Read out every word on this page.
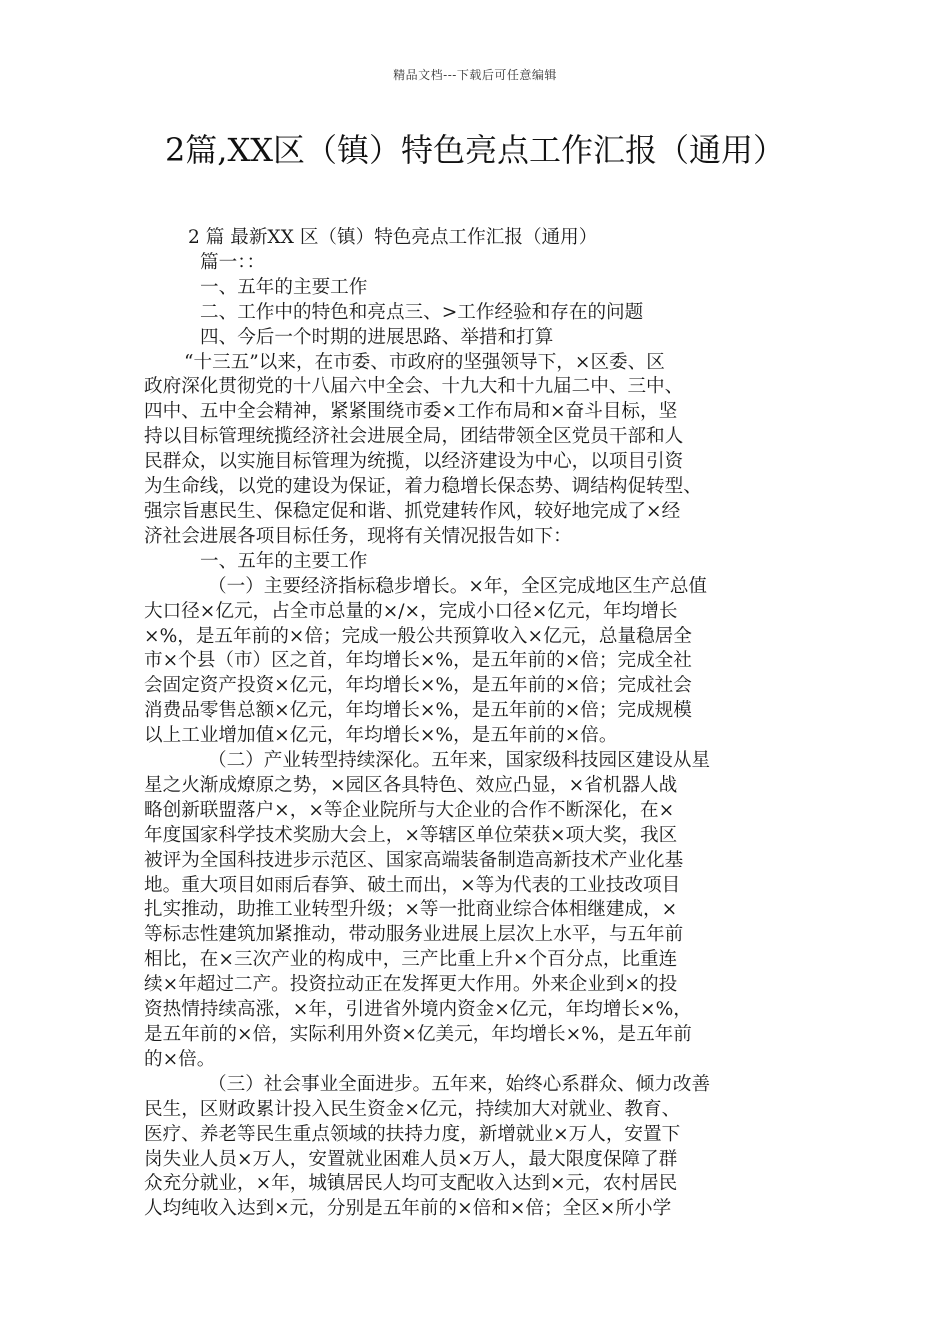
精品文档---下载后可任意编辑
2篇,XX区（镇）特色亮点工作汇报（通用）
2 篇 最新XX 区（镇）特色亮点工作汇报（通用）
篇一：：
一、五年的主要工作
二、工作中的特色和亮点三、>工作经验和存在的问题
四、今后一个时期的进展思路、举措和打算
“十三五”以来，在市委、市政府的坚强领导下，×区委、区
政府深化贯彻党的十八届六中全会、十九大和十九届二中、三中、
四中、五中全会精神，紧紧围绕市委×工作布局和×奋斗目标，坚
持以目标管理统揽经济社会进展全局，团结带领全区党员干部和人
民群众，以实施目标管理为统揽，以经济建设为中心，以项目引资
为生命线，以党的建设为保证，着力稳增长保态势、调结构促转型、
强宗旨惠民生、保稳定促和谐、抓党建转作风，较好地完成了×经
济社会进展各项目标任务，现将有关情况报告如下：
一、五年的主要工作
（一）主要经济指标稳步增长。×年，全区完成地区生产总值
大口径×亿元，占全市总量的×/×，完成小口径×亿元，年均增长
×%，是五年前的×倍；完成一般公共预算收入×亿元，总量稳居全
市×个县（市）区之首，年均增长×%，是五年前的×倍；完成全社
会固定资产投资×亿元，年均增长×%，是五年前的×倍；完成社会
消费品零售总额×亿元，年均增长×%，是五年前的×倍；完成规模
以上工业增加值×亿元，年均增长×%，是五年前的×倍。
（二）产业转型持续深化。五年来，国家级科技园区建设从星
星之火渐成燎原之势，×园区各具特色、效应凸显，×省机器人战
略创新联盟落户×，×等企业院所与大企业的合作不断深化，在×
年度国家科学技术奖励大会上，×等辖区单位荣获×项大奖，我区
被评为全国科技进步示范区、国家高端装备制造高新技术产业化基
地。重大项目如雨后春笋、破土而出，×等为代表的工业技改项目
扎实推动，助推工业转型升级；×等一批商业综合体相继建成，×
等标志性建筑加紧推动，带动服务业进展上层次上水平，与五年前
相比，在×三次产业的构成中，三产比重上升×个百分点，比重连
续×年超过二产。投资拉动正在发挥更大作用。外来企业到×的投
资热情持续高涨，×年，引进省外境内资金×亿元，年均增长×%，
是五年前的×倍，实际利用外资×亿美元，年均增长×%，是五年前
的×倍。
（三）社会事业全面进步。五年来，始终心系群众、倾力改善
民生，区财政累计投入民生资金×亿元，持续加大对就业、教育、
医疗、养老等民生重点领域的扶持力度，新增就业×万人，安置下
岗失业人员×万人，安置就业困难人员×万人，最大限度保障了群
众充分就业，×年，城镇居民人均可支配收入达到×元，农村居民
人均纯收入达到×元，分别是五年前的×倍和×倍；全区×所小学
